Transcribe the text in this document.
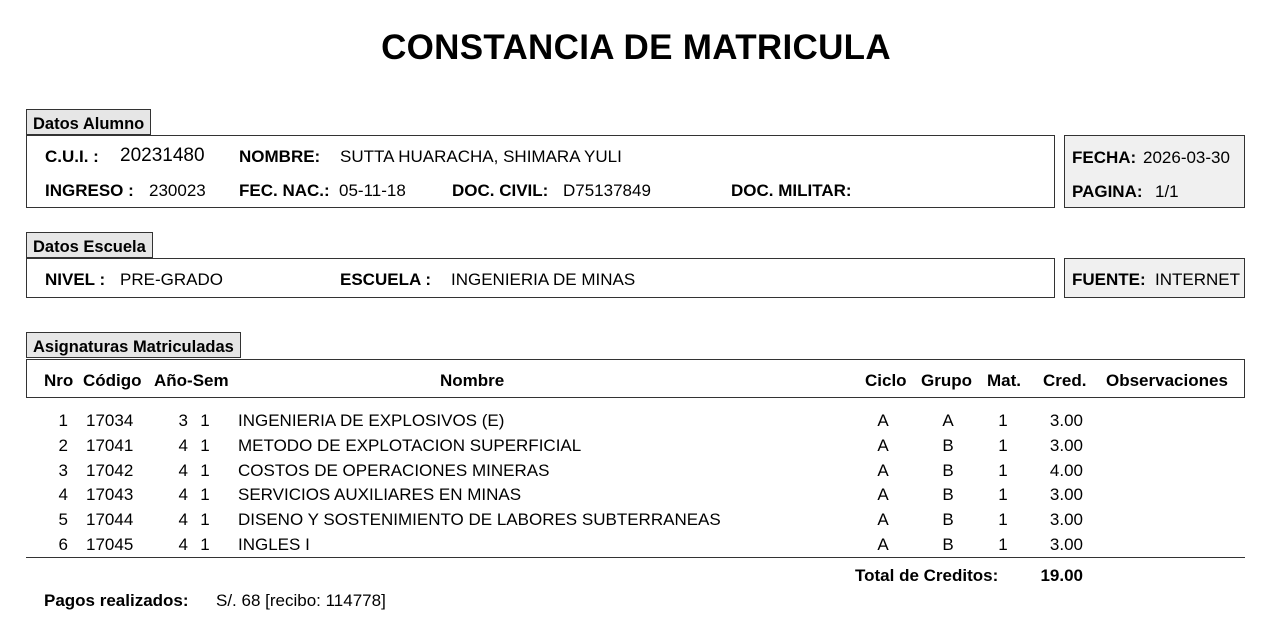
CONSTANCIA DE MATRICULA
Datos Alumno
C.U.I. : 20231480 NOMBRE: SUTTA HUARACHA, SHIMARA YULI
INGRESO : 230023 FEC. NAC.: 05-11-18	DOC. CIVIL: D75137849	DOC. MILITAR:
FECHA: 2026-03-30
PAGINA: 1/1
Datos Escuela
NIVEL : PRE-GRADO	ESCUELA : INGENIERIA DE MINAS	FUENTE: INTERNET
Asignaturas Matriculadas
Nro Código Año-Sem	Nombre	Ciclo Grupo Mat. Cred. Observaciones
1 17034	3 1 INGENIERIA DE EXPLOSIVOS (E)	A	A	1	3.00
2 17041	4 1 METODO DE EXPLOTACION SUPERFICIAL	A	B	1	3.00
3 17042	4 1 COSTOS DE OPERACIONES MINERAS	A	B	1	4.00
4 17043	4 1 SERVICIOS AUXILIARES EN MINAS	A	B	1	3.00
5 17044	4 1 DISENO Y SOSTENIMIENTO DE LABORES SUBTERRANEAS	A	B	1	3.00
6 17045	4 1 INGLES I	A	B	1	3.00
Total de Creditos:	19.00
Pagos realizados: S/. 68 [recibo: 114778]
